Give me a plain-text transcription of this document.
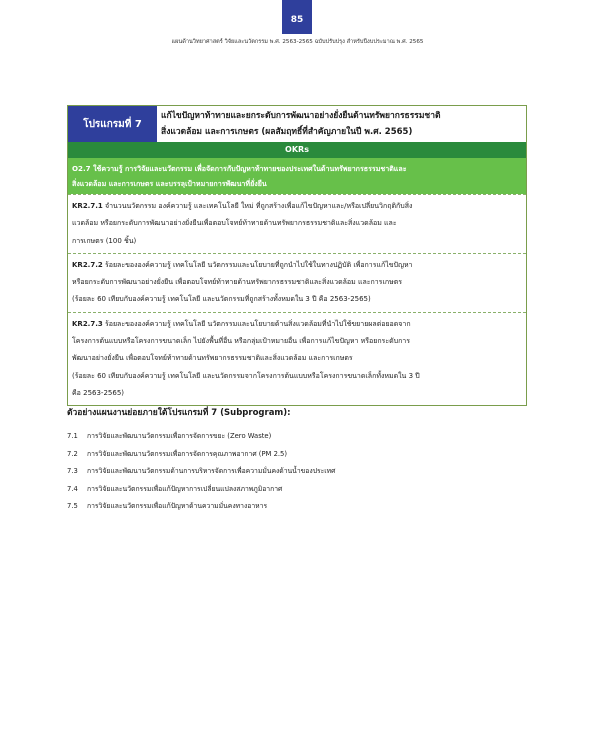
85
แผนด้านวิทยาศาสตร์ วิจัยและนวัตกรรม พ.ศ. 2563-2565 ฉบับปรับปรุง สำหรับปีงบประมาณ พ.ศ. 2565
โปรแกรมที่ 7
แก้ไขปัญหาท้าทายและยกระดับการพัฒนาอย่างยั่งยืนด้านทรัพยากรธรรมชาติ
สิ่งแวดล้อม และการเกษตร (ผลสัมฤทธิ์ที่สำคัญภายในปี พ.ศ. 2565)
OKRs
O2.7 ใช้ความรู้ การวิจัยและนวัตกรรม เพื่อจัดการกับปัญหาท้าทายของประเทศในด้านทรัพยากรธรรมชาติและ
สิ่งแวดล้อม และการเกษตร และบรรลุเป้าหมายการพัฒนาที่ยั่งยืน
KR2.7.1 จำนวนนวัตกรรม องค์ความรู้ และเทคโนโลยี ใหม่ ที่ถูกสร้างเพื่อแก้ไขปัญหาและ/หรือเปลี่ยนวิกฤติกับสิ่ง
แวดล้อม หรือยกระดับการพัฒนาอย่างยั่งยืนเพื่อตอบโจทย์ท้าทายด้านทรัพยากรธรรมชาติและสิ่งแวดล้อม และ
การเกษตร (100 ชิ้น)
KR2.7.2 ร้อยละขององค์ความรู้ เทคโนโลยี นวัตกรรมและนโยบายที่ถูกนำไปใช้ในทางปฏิบัติ เพื่อการแก้ไขปัญหา
หรือยกระดับการพัฒนาอย่างยั่งยืน เพื่อตอบโจทย์ท้าทายด้านทรัพยากรธรรมชาติและสิ่งแวดล้อม และการเกษตร
(ร้อยละ 60 เทียบกับองค์ความรู้ เทคโนโลยี และนวัตกรรมที่ถูกสร้างทั้งหมดใน 3 ปี คือ 2563-2565)
KR2.7.3 ร้อยละขององค์ความรู้ เทคโนโลยี นวัตกรรมและนโยบายด้านสิ่งแวดล้อมที่นำไปใช้ขยายผลต่อยอดจาก
โครงการต้นแบบหรือโครงการขนาดเล็ก ไปยังพื้นที่อื่น หรือกลุ่มเป้าหมายอื่น เพื่อการแก้ไขปัญหา หรือยกระดับการ
พัฒนาอย่างยั่งยืน เพื่อตอบโจทย์ท้าทายด้านทรัพยากรธรรมชาติและสิ่งแวดล้อม และการเกษตร
(ร้อยละ 60 เทียบกับองค์ความรู้ เทคโนโลยี และนวัตกรรมจากโครงการต้นแบบหรือโครงการขนาดเล็กทั้งหมดใน 3 ปี
คือ 2563-2565)
ตัวอย่างแผนงานย่อยภายใต้โปรแกรมที่ 7 (Subprogram):
7.1	การวิจัยและพัฒนานวัตกรรมเพื่อการจัดการขยะ (Zero Waste)
7.2	การวิจัยและพัฒนานวัตกรรมเพื่อการจัดการคุณภาพอากาศ (PM 2.5)
7.3	การวิจัยและพัฒนานวัตกรรมด้านการบริหารจัดการเพื่อความมั่นคงด้านน้ำของประเทศ
7.4	การวิจัยและนวัตกรรมเพื่อแก้ปัญหาการเปลี่ยนแปลงสภาพภูมิอากาศ
7.5	การวิจัยและนวัตกรรมเพื่อแก้ปัญหาด้านความมั่นคงทางอาหาร
